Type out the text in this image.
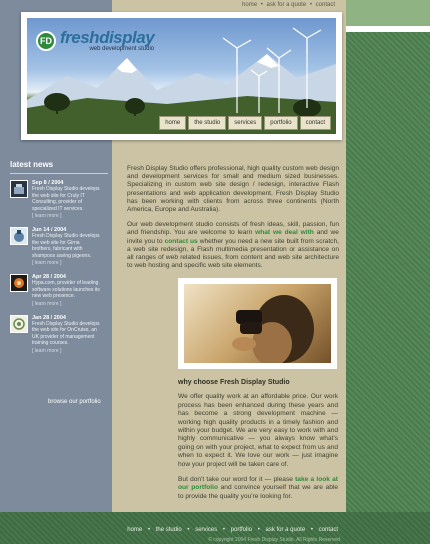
home • ask for a quote • contact
FD freshdisplay
web development studio
home	the studio	services	portfolio	contact
latest news
Sep 8 / 2004
Fresh Display Studio develops the web site for Cruly IT Consulting, provider of specialized IT services.
[ learn more ]
Jun 14 / 2004
Fresh Display Studio develops the web site for Girna brothers, fabricant with shampoos saving pigeons.
[ learn more ]
Apr 28 / 2004
Hypa.com, provider of leading software solutions launches its new web presence.
[ learn more ]
Jan 28 / 2004
Fresh Display Studio develops the web site for OnCruise, an UK provider of management training courses.
[ learn more ]
browse our portfolio

Fresh Display Studio offers professional, high quality custom web design and development services for small and medium sized businesses. Specializing in custom web site design / redesign, interactive Flash presentations and web application development, Fresh Display Studio has been working with clients from across three continents (North America, Europe and Australia).

Our web development studio consists of fresh ideas, skill, passion, fun and friendship. You are welcome to learn what we deal with and we invite you to contact us whether you need a new site built from scratch, a web site redesign, a Flash multimedia presentation or assistance on all ranges of web related issues, from content and web site architecture to web hosting and specific web site elements.

why choose Fresh Display Studio

We offer quality work at an affordable price. Our work process has been enhanced during these years and has become a strong development machine — working high quality products in a timely fashion and within your budget. We are very easy to work with and highly communicative — you always know what's going on with your project, what to expect from us and when to expect it. We love our work — just imagine how your project will be taken care of.

But don't take our word for it — please take a look at our portfolio and convince yourself that we are able to provide the quality you're looking for.

home • the studio • services • portfolio • ask for a quote • contact
© copyright 2004 Fresh Display Studio. All Rights Reserved
